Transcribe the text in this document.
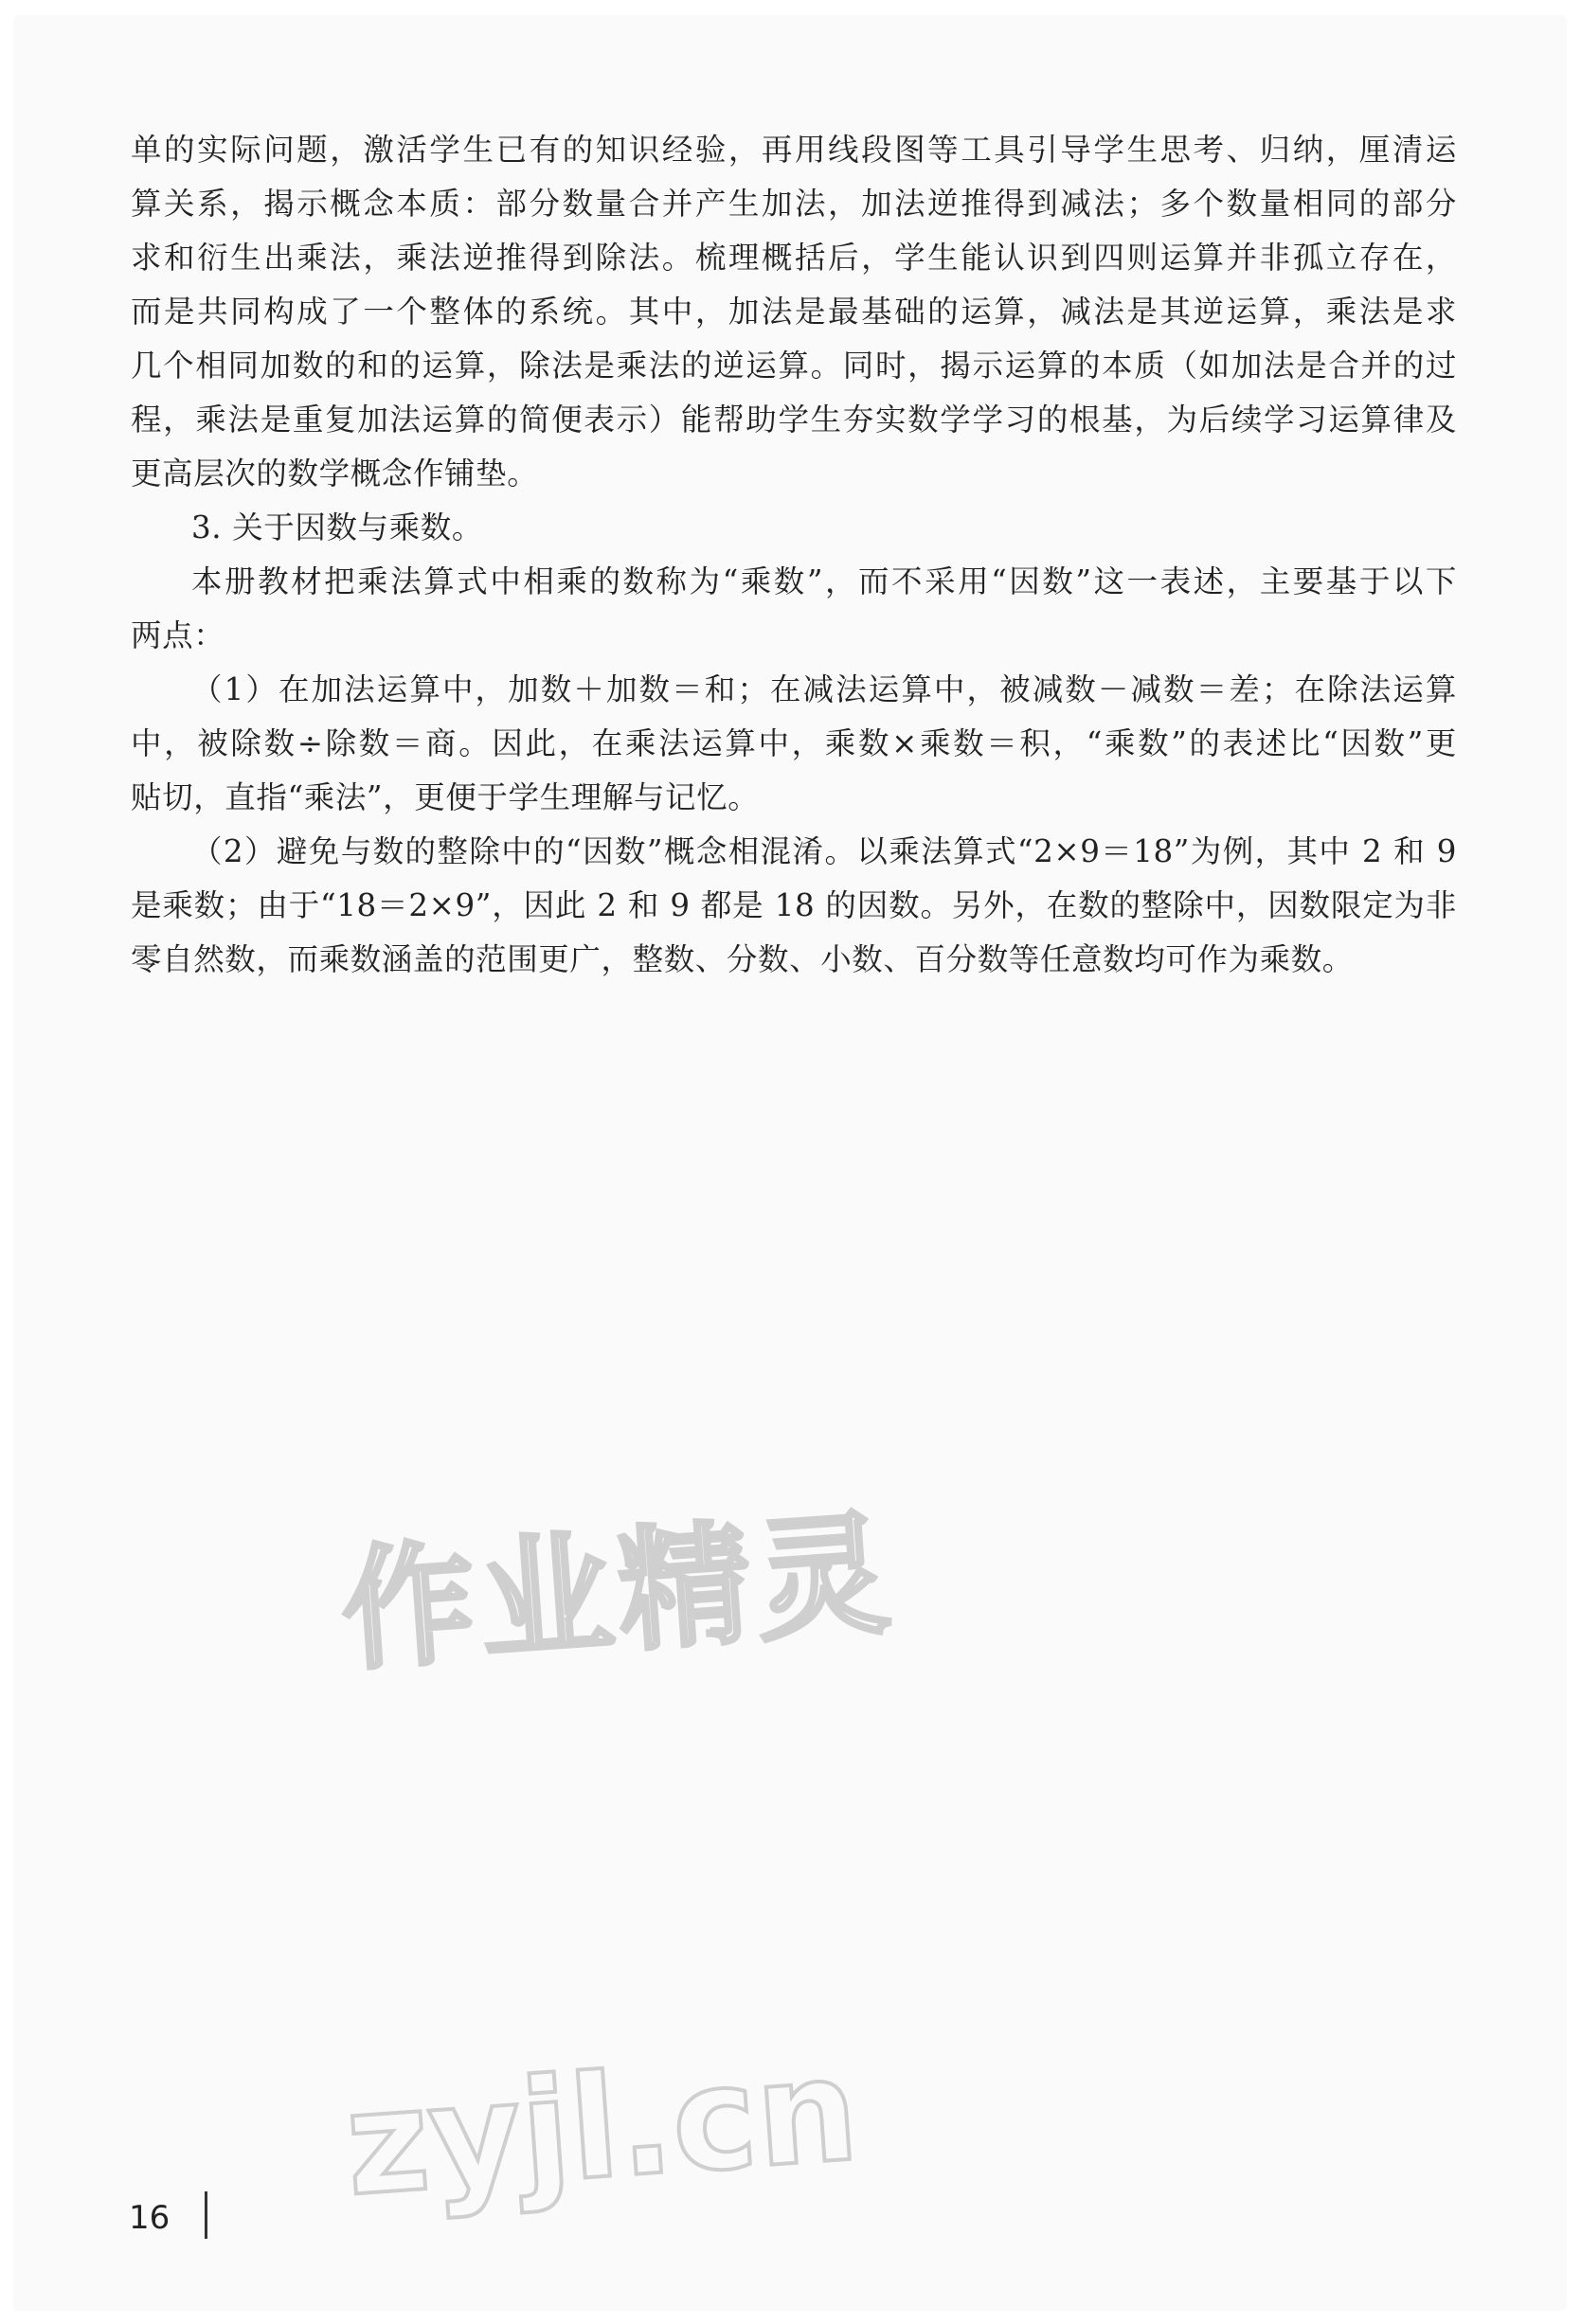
单的实际问题，激活学生已有的知识经验，再用线段图等工具引导学生思考、归纳，厘清运
算关系，揭示概念本质：部分数量合并产生加法，加法逆推得到减法；多个数量相同的部分
求和衍生出乘法，乘法逆推得到除法。梳理概括后，学生能认识到四则运算并非孤立存在，
而是共同构成了一个整体的系统。其中，加法是最基础的运算，减法是其逆运算，乘法是求
几个相同加数的和的运算，除法是乘法的逆运算。同时，揭示运算的本质（如加法是合并的过
程，乘法是重复加法运算的简便表示）能帮助学生夯实数学学习的根基，为后续学习运算律及
更高层次的数学概念作铺垫。
3. 关于因数与乘数。
本册教材把乘法算式中相乘的数称为“乘数”，而不采用“因数”这一表述，主要基于以下
两点：
（1）在加法运算中，加数＋加数＝和；在减法运算中，被减数－减数＝差；在除法运算
中，被除数÷除数＝商。因此，在乘法运算中，乘数×乘数＝积，“乘数”的表述比“因数”更
贴切，直指“乘法”，更便于学生理解与记忆。
（2）避免与数的整除中的“因数”概念相混淆。以乘法算式“2×9＝18”为例，其中 2 和 9
是乘数；由于“18＝2×9”，因此 2 和 9 都是 18 的因数。另外，在数的整除中，因数限定为非
零自然数，而乘数涵盖的范围更广，整数、分数、小数、百分数等任意数均可作为乘数。
作业精灵
zyjl.cn
16
